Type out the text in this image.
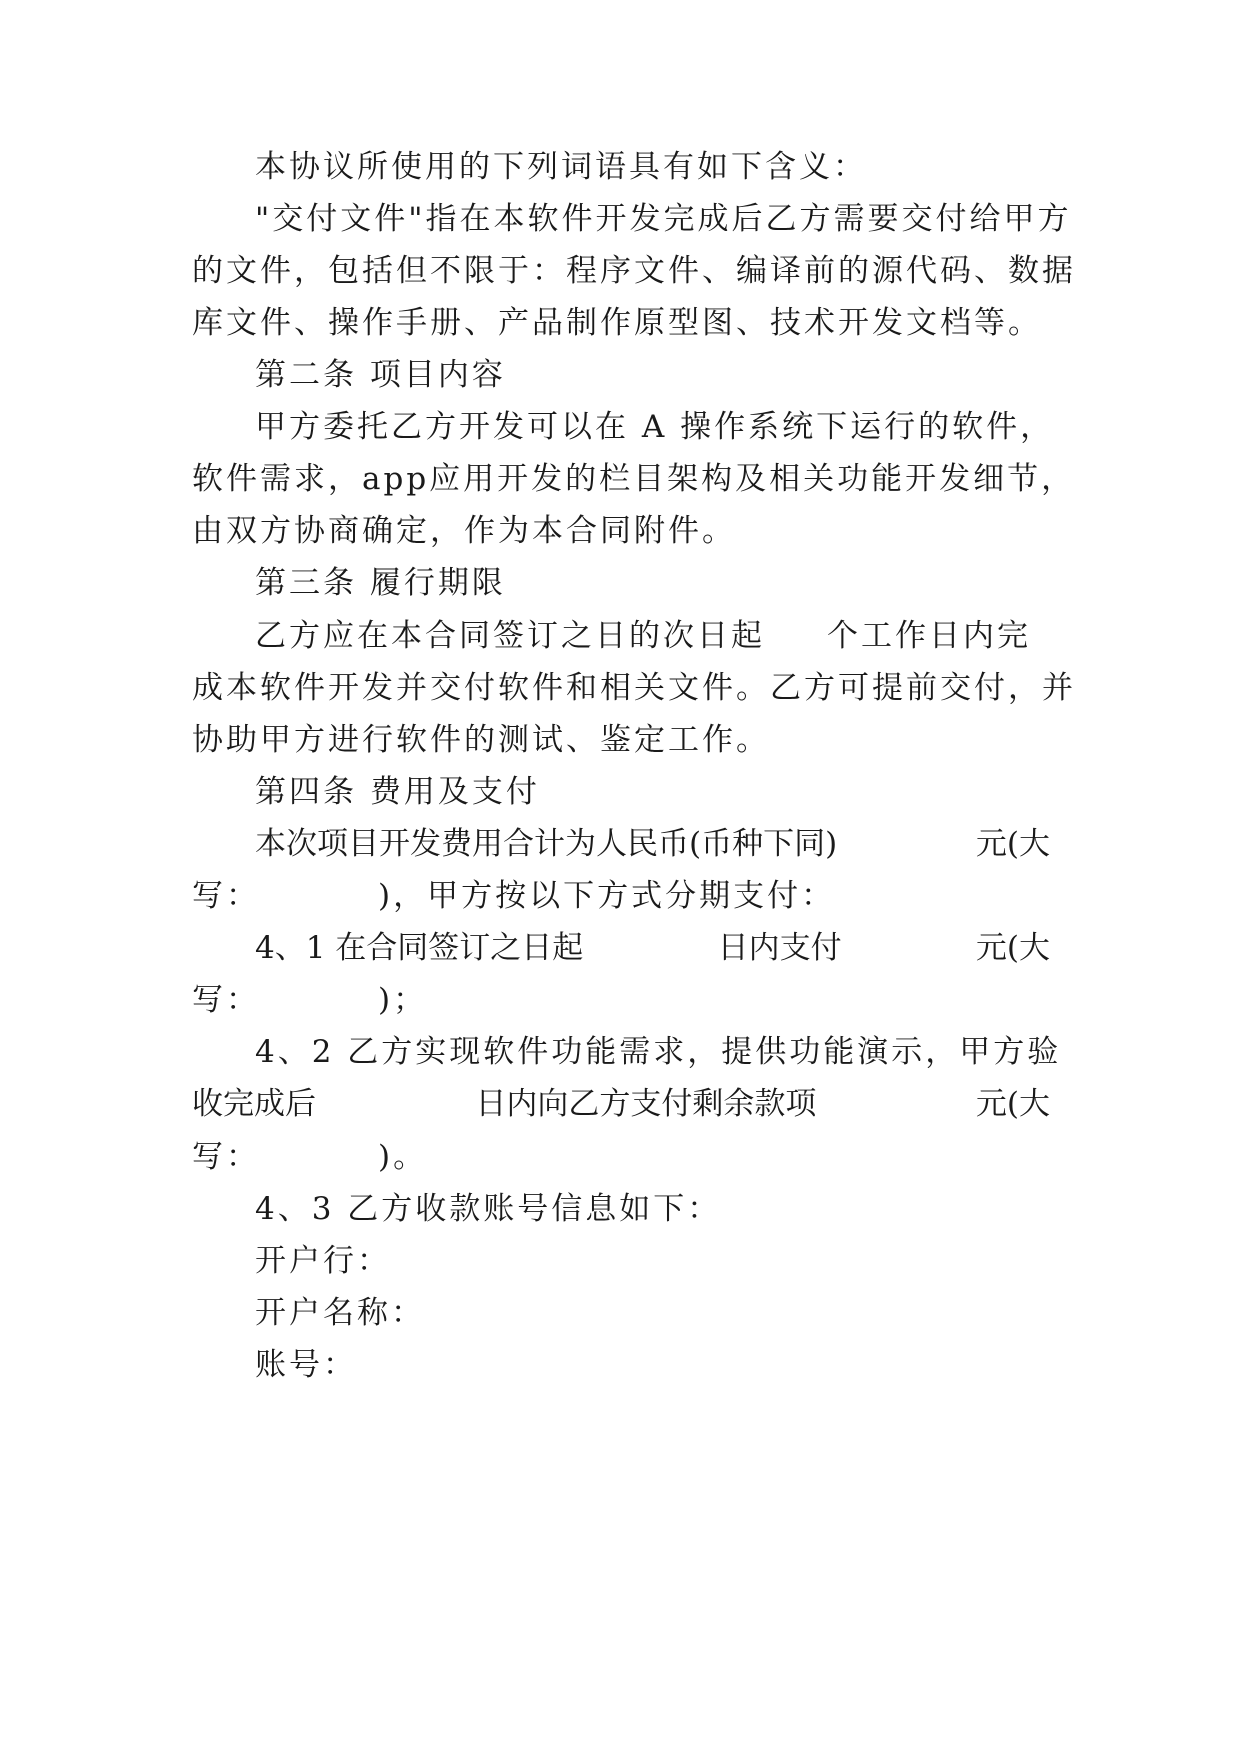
本协议所使用的下列词语具有如下含义：
"交付文件"指在本软件开发完成后乙方需要交付给甲方
的文件，包括但不限于：程序文件、编译前的源代码、数据
库文件、操作手册、产品制作原型图、技术开发文档等。
第二条 项目内容
甲方委托乙方开发可以在 A 操作系统下运行的软件，
软件需求，app应用开发的栏目架构及相关功能开发细节，
由双方协商确定，作为本合同附件。
第三条 履行期限
乙方应在本合同签订之日的次日起 个工作日内完
成本软件开发并交付软件和相关文件。乙方可提前交付，并
协助甲方进行软件的测试、鉴定工作。
第四条 费用及支付
本次项目开发费用合计为人民币(币种下同)	元(大
写：	)，甲方按以下方式分期支付：
4、1 在合同签订之日起	日内支付	元(大
写：	)；
4、2 乙方实现软件功能需求，提供功能演示，甲方验
收完成后	日内向乙方支付剩余款项	元(大
写：	)。
4、3 乙方收款账号信息如下：
开户行：
开户名称：
账号：
